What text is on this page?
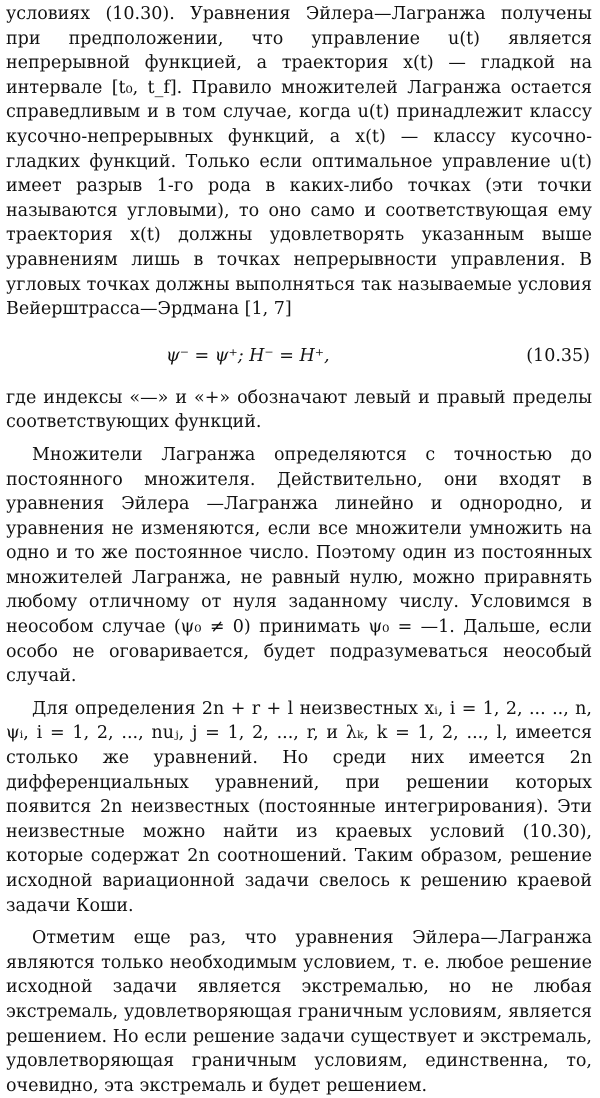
условиях (10.30). Уравнения Эйлера—Лагранжа получены при предположении, что управление u(t) является непрерывной функцией, а траектория x(t) — гладкой на интервале [t₀, t_f]. Правило множителей Лагранжа остается справедливым и в том случае, когда u(t) принадлежит классу кусочно-непрерывных функций, а x(t) — классу кусочно-гладких функций. Только если оптимальное управление u(t) имеет разрыв 1-го рода в каких-либо точках (эти точки называются угловыми), то оно само и соответствующая ему траектория x(t) должны удовлетворять указанным выше уравнениям лишь в точках непрерывности управления. В угловых точках должны выполняться так называемые условия Вейерштрасса—Эрдмана [1, 7]

ψ⁻ = ψ⁺; H⁻ = H⁺,	(10.35)

где индексы «—» и «+» обозначают левый и правый пределы соответствующих функций.

Множители Лагранжа определяются с точностью до постоянного множителя. Действительно, они входят в уравнения Эйлера —Лагранжа линейно и однородно, и уравнения не изменяются, если все множители умножить на одно и то же постоянное число. Поэтому один из постоянных множителей Лагранжа, не равный нулю, можно приравнять любому отличному от нуля заданному числу. Условимся в неособом случае (ψ₀ ≠ 0) принимать ψ₀ = —1. Дальше, если особо не оговаривается, будет подразумеваться неособый случай.

Для определения 2n + r + l неизвестных xᵢ, i = 1, 2, ... .., n, ψᵢ, i = 1, 2, ..., nuⱼ, j = 1, 2, ..., r, и λₖ, k = 1, 2, ..., l, имеется столько же уравнений. Но среди них имеется 2n дифференциальных уравнений, при решении которых появится 2n неизвестных (постоянные интегрирования). Эти неизвестные можно найти из краевых условий (10.30), которые содержат 2n соотношений. Таким образом, решение исходной вариационной задачи свелось к решению краевой задачи Коши.

Отметим еще раз, что уравнения Эйлера—Лагранжа являются только необходимым условием, т. е. любое решение исходной задачи является экстремалью, но не любая экстремаль, удовлетворяющая граничным условиям, является решением. Но если решение задачи существует и экстремаль, удовлетворяющая граничным условиям, единственна, то, очевидно, эта экстремаль и будет решением.
